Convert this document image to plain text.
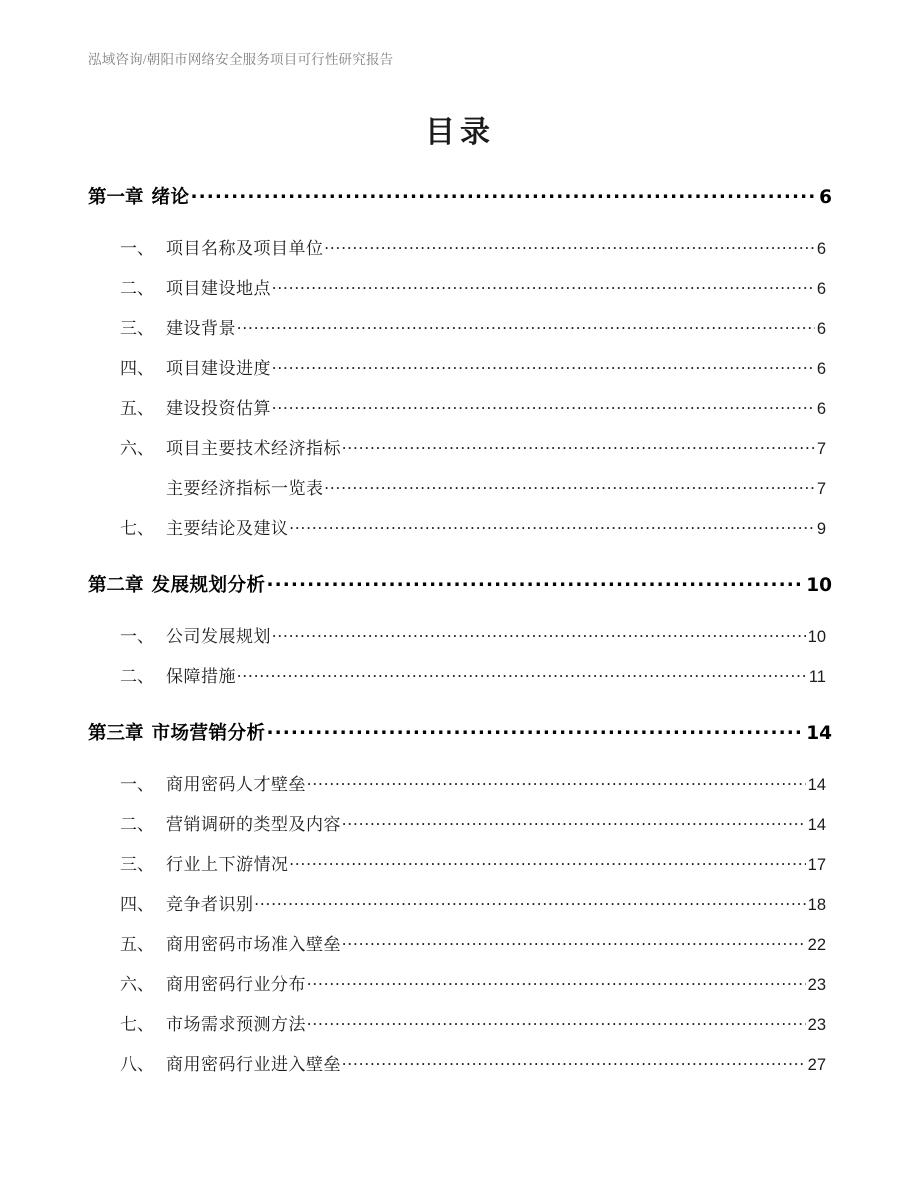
泓域咨询/朝阳市网络安全服务项目可行性研究报告
目录
第一章 绪论 .....	6
一、 项目名称及项目单位 .....	6
二、 项目建设地点 .....	6
三、 建设背景 .....	6
四、 项目建设进度 .....	6
五、 建设投资估算 .....	6
六、 项目主要技术经济指标 .....	7
主要经济指标一览表 .....	7
七、 主要结论及建议 .....	9
第二章 发展规划分析 .....	10
一、 公司发展规划 .....	10
二、 保障措施 .....	11
第三章 市场营销分析 .....	14
一、 商用密码人才壁垒 .....	14
二、 营销调研的类型及内容 .....	14
三、 行业上下游情况 .....	17
四、 竞争者识别 .....	18
五、 商用密码市场准入壁垒 .....	22
六、 商用密码行业分布 .....	23
七、 市场需求预测方法 .....	23
八、 商用密码行业进入壁垒 .....	27
